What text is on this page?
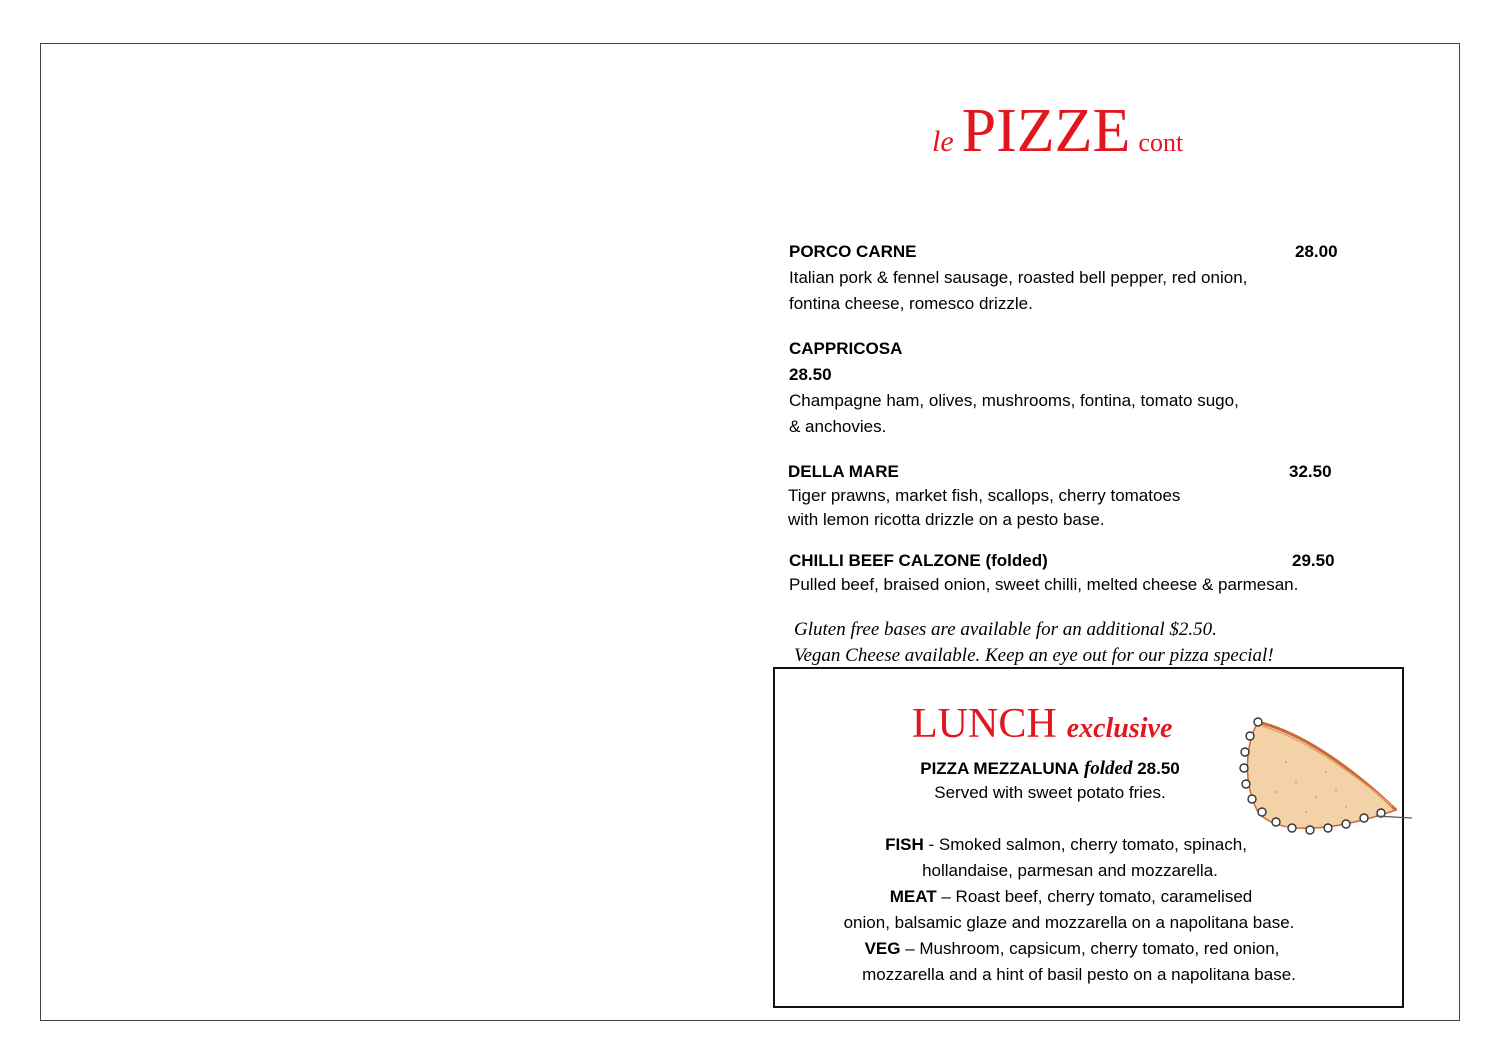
le PIZZE cont
PORCO CARNE	28.00
Italian pork & fennel sausage, roasted bell pepper, red onion,
fontina cheese, romesco drizzle.
CAPPRICOSA
28.50
Champagne ham, olives, mushrooms, fontina, tomato sugo,
& anchovies.
DELLA MARE	32.50
Tiger prawns, market fish, scallops, cherry tomatoes
with lemon ricotta drizzle on a pesto base.
CHILLI BEEF CALZONE (folded)	29.50
Pulled beef, braised onion, sweet chilli, melted cheese & parmesan.
Gluten free bases are available for an additional $2.50.
Vegan Cheese available. Keep an eye out for our pizza special!
LUNCH exclusive
PIZZA MEZZALUNA folded 28.50
Served with sweet potato fries.
FISH - Smoked salmon, cherry tomato, spinach,
hollandaise, parmesan and mozzarella.
MEAT – Roast beef, cherry tomato, caramelised
onion, balsamic glaze and mozzarella on a napolitana base.
VEG – Mushroom, capsicum, cherry tomato, red onion,
mozzarella and a hint of basil pesto on a napolitana base.
